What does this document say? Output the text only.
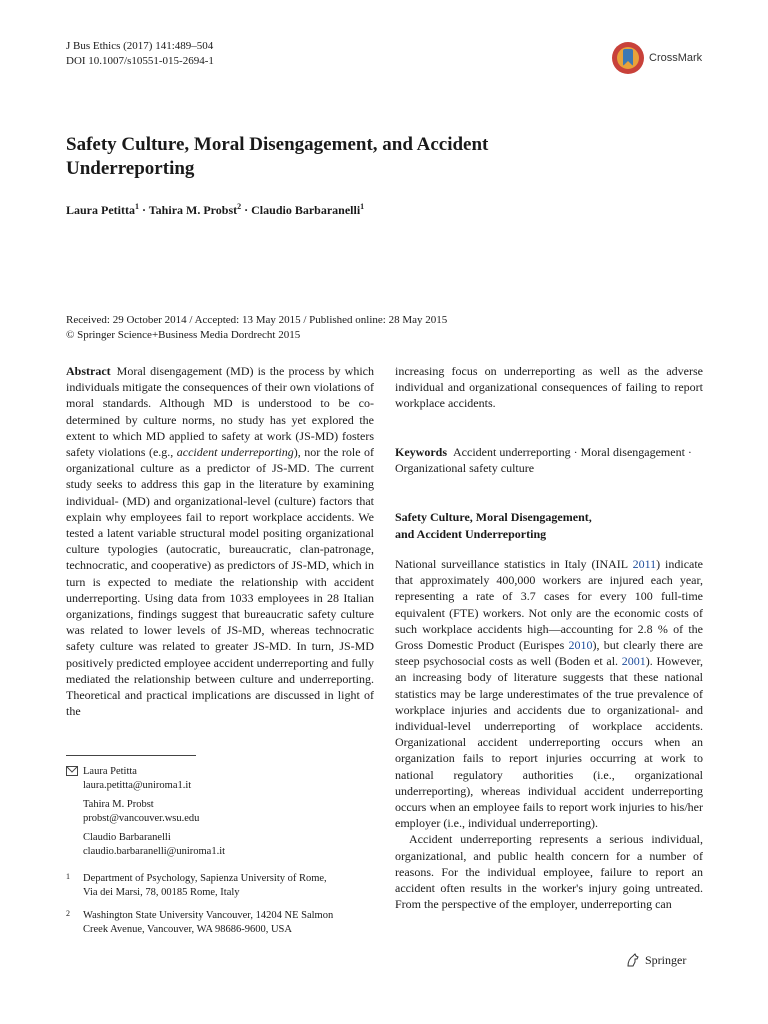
J Bus Ethics (2017) 141:489–504
DOI 10.1007/s10551-015-2694-1	CrossMark
Safety Culture, Moral Disengagement, and Accident
Underreporting
Laura Petitta$^1$ · Tahira M. Probst$^2$ · Claudio Barbaranelli$^1$
Received: 29 October 2014 / Accepted: 13 May 2015 / Published online: 28 May 2015
© Springer Science+Business Media Dordrecht 2015

Abstract Moral disengagement (MD) is the process by which individuals mitigate the consequences of their own violations of moral standards. Although MD is understood to be co-determined by culture norms, no study has yet explored the extent to which MD applied to safety at work (JS-MD) fosters safety violations (e.g., accident underreporting), nor the role of organizational culture as a predictor of JS-MD. The current study seeks to address this gap in the literature by examining individual- (MD) and organizational-level (culture) factors that explain why employees fail to report workplace accidents. We tested a latent variable structural model positing organizational culture typologies (autocratic, bureaucratic, clan-patronage, technocratic, and cooperative) as predictors of JS-MD, which in turn is expected to mediate the relationship with accident underreporting. Using data from 1033 employees in 28 Italian organizations, findings suggest that bureaucratic safety culture was related to lower levels of JS-MD, whereas technocratic safety culture was related to greater JS-MD. In turn, JS-MD positively predicted employee accident underreporting and fully mediated the relationship between culture and underreporting. Theoretical and practical implications are discussed in light of the

increasing focus on underreporting as well as the adverse individual and organizational consequences of failing to report workplace accidents.

Laura Petitta
laura.petitta@uniroma1.it
Tahira M. Probst
probst@vancouver.wsu.edu
Claudio Barbaranelli
claudio.barbaranelli@uniroma1.it
1 Department of Psychology, Sapienza University of Rome,
Via dei Marsi, 78, 00185 Rome, Italy
2 Washington State University Vancouver, 14204 NE Salmon
Creek Avenue, Vancouver, WA 98686-9600, USA
Keywords Accident underreporting · Moral disengagement · Organizational safety culture
Safety Culture, Moral Disengagement,
and Accident Underreporting

National surveillance statistics in Italy (INAIL 2011) indicate that approximately 400,000 workers are injured each year, representing a rate of 3.7 cases for every 100 full-time equivalent (FTE) workers. Not only are the economic costs of such workplace accidents high—accounting for 2.8 % of the Gross Domestic Product (Eurispes 2010), but clearly there are steep psychosocial costs as well (Boden et al. 2001). However, an increasing body of literature suggests that these national statistics may be large underestimates of the true prevalence of workplace injuries and accidents due to organizational- and individual-level underreporting of workplace accidents. Organizational accident underreporting occurs when an organization fails to report injuries occurring at work to national regulatory authorities (i.e., organizational underreporting), whereas individual accident underreporting occurs when an employee fails to report work injuries to his/her employer (i.e., individual underreporting).

Accident underreporting represents a serious individual, organizational, and public health concern for a number of reasons. For the individual employee, failure to report an accident often results in the worker's injury going untreated. From the perspective of the employer, underreporting can

Springer
